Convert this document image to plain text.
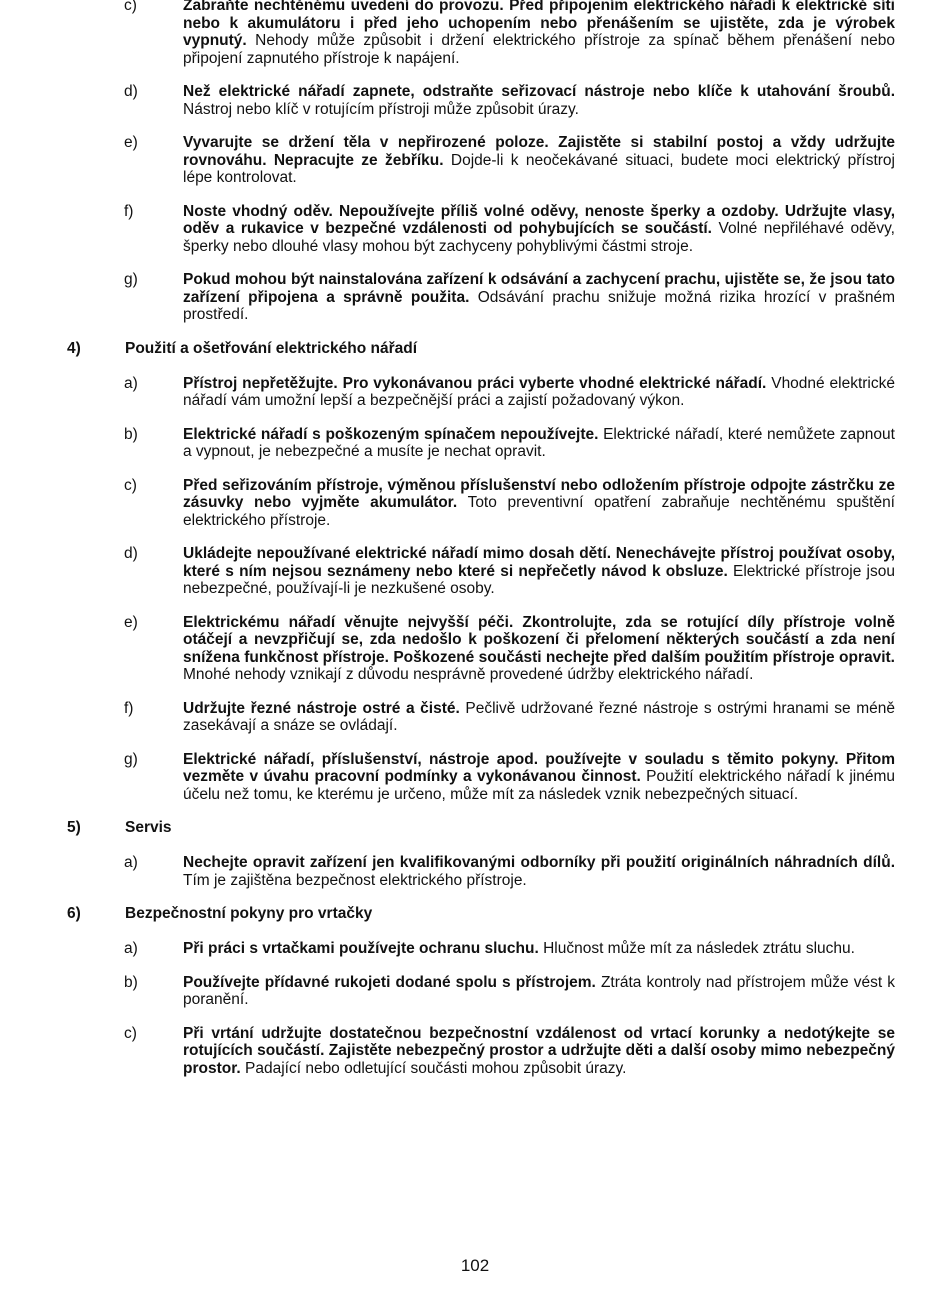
c)	Zabraňte nechtěnému uvedení do provozu. Před připojením elektrického nářadí k elektrické síti nebo k akumulátoru i před jeho uchopením nebo přenášením se ujistěte, zda je výrobek vypnutý. Nehody může způsobit i držení elektrického přístroje za spínač během přenášení nebo připojení zapnutého přístroje k napájení.
d)	Než elektrické nářadí zapnete, odstraňte seřizovací nástroje nebo klíče k utahování šroubů. Nástroj nebo klíč v rotujícím přístroji může způsobit úrazy.
e)	Vyvarujte se držení těla v nepřirozené poloze. Zajistěte si stabilní postoj a vždy udržujte rovnováhu. Nepracujte ze žebříku. Dojde-li k neočekávané situaci, budete moci elektrický přístroj lépe kontrolovat.
f)	Noste vhodný oděv. Nepoužívejte příliš volné oděvy, nenoste šperky a ozdoby. Udržujte vlasy, oděv a rukavice v bezpečné vzdálenosti od pohybujících se součástí. Volné nepřiléhavé oděvy, šperky nebo dlouhé vlasy mohou být zachyceny pohyblivými částmi stroje.
g)	Pokud mohou být nainstalována zařízení k odsávání a zachycení prachu, ujistěte se, že jsou tato zařízení připojena a správně použita. Odsávání prachu snižuje možná rizika hrozící v prašném prostředí.
4)	Použití a ošetřování elektrického nářadí
a)	Přístroj nepřetěžujte. Pro vykonávanou práci vyberte vhodné elektrické nářadí. Vhodné elektrické nářadí vám umožní lepší a bezpečnější práci a zajistí požadovaný výkon.
b)	Elektrické nářadí s poškozeným spínačem nepoužívejte. Elektrické nářadí, které nemůžete zapnout a vypnout, je nebezpečné a musíte je nechat opravit.
c)	Před seřizováním přístroje, výměnou příslušenství nebo odložením přístroje odpojte zástrčku ze zásuvky nebo vyjměte akumulátor. Toto preventivní opatření zabraňuje nechtěnému spuštění elektrického přístroje.
d)	Ukládejte nepoužívané elektrické nářadí mimo dosah dětí. Nenechávejte přístroj používat osoby, které s ním nejsou seznámeny nebo které si nepřečetly návod k obsluze. Elektrické přístroje jsou nebezpečné, používají-li je nezkušené osoby.
e)	Elektrickému nářadí věnujte nejvyšší péči. Zkontrolujte, zda se rotující díly přístroje volně otáčejí a nevzpřičují se, zda nedošlo k poškození či přelomení některých součástí a zda není snížena funkčnost přístroje. Poškozené součásti nechejte před dalším použitím přístroje opravit. Mnohé nehody vznikají z důvodu nesprávně provedené údržby elektrického nářadí.
f)	Udržujte řezné nástroje ostré a čisté. Pečlivě udržované řezné nástroje s ostrými hranami se méně zasekávají a snáze se ovládají.
g)	Elektrické nářadí, příslušenství, nástroje apod. používejte v souladu s těmito pokyny. Přitom vezměte v úvahu pracovní podmínky a vykonávanou činnost. Použití elektrického nářadí k jinému účelu než tomu, ke kterému je určeno, může mít za následek vznik nebezpečných situací.
5)	Servis
a)	Nechejte opravit zařízení jen kvalifikovanými odborníky při použití originálních náhradních dílů. Tím je zajištěna bezpečnost elektrického přístroje.
6)	Bezpečnostní pokyny pro vrtačky
a)	Při práci s vrtačkami používejte ochranu sluchu. Hlučnost může mít za následek ztrátu sluchu.
b)	Používejte přídavné rukojeti dodané spolu s přístrojem. Ztráta kontroly nad přístrojem může vést k poranění.
c)	Při vrtání udržujte dostatečnou bezpečnostní vzdálenost od vrtací korunky a nedotýkejte se rotujících součástí. Zajistěte nebezpečný prostor a udržujte děti a další osoby mimo nebezpečný prostor. Padající nebo odletující součásti mohou způsobit úrazy.
102
